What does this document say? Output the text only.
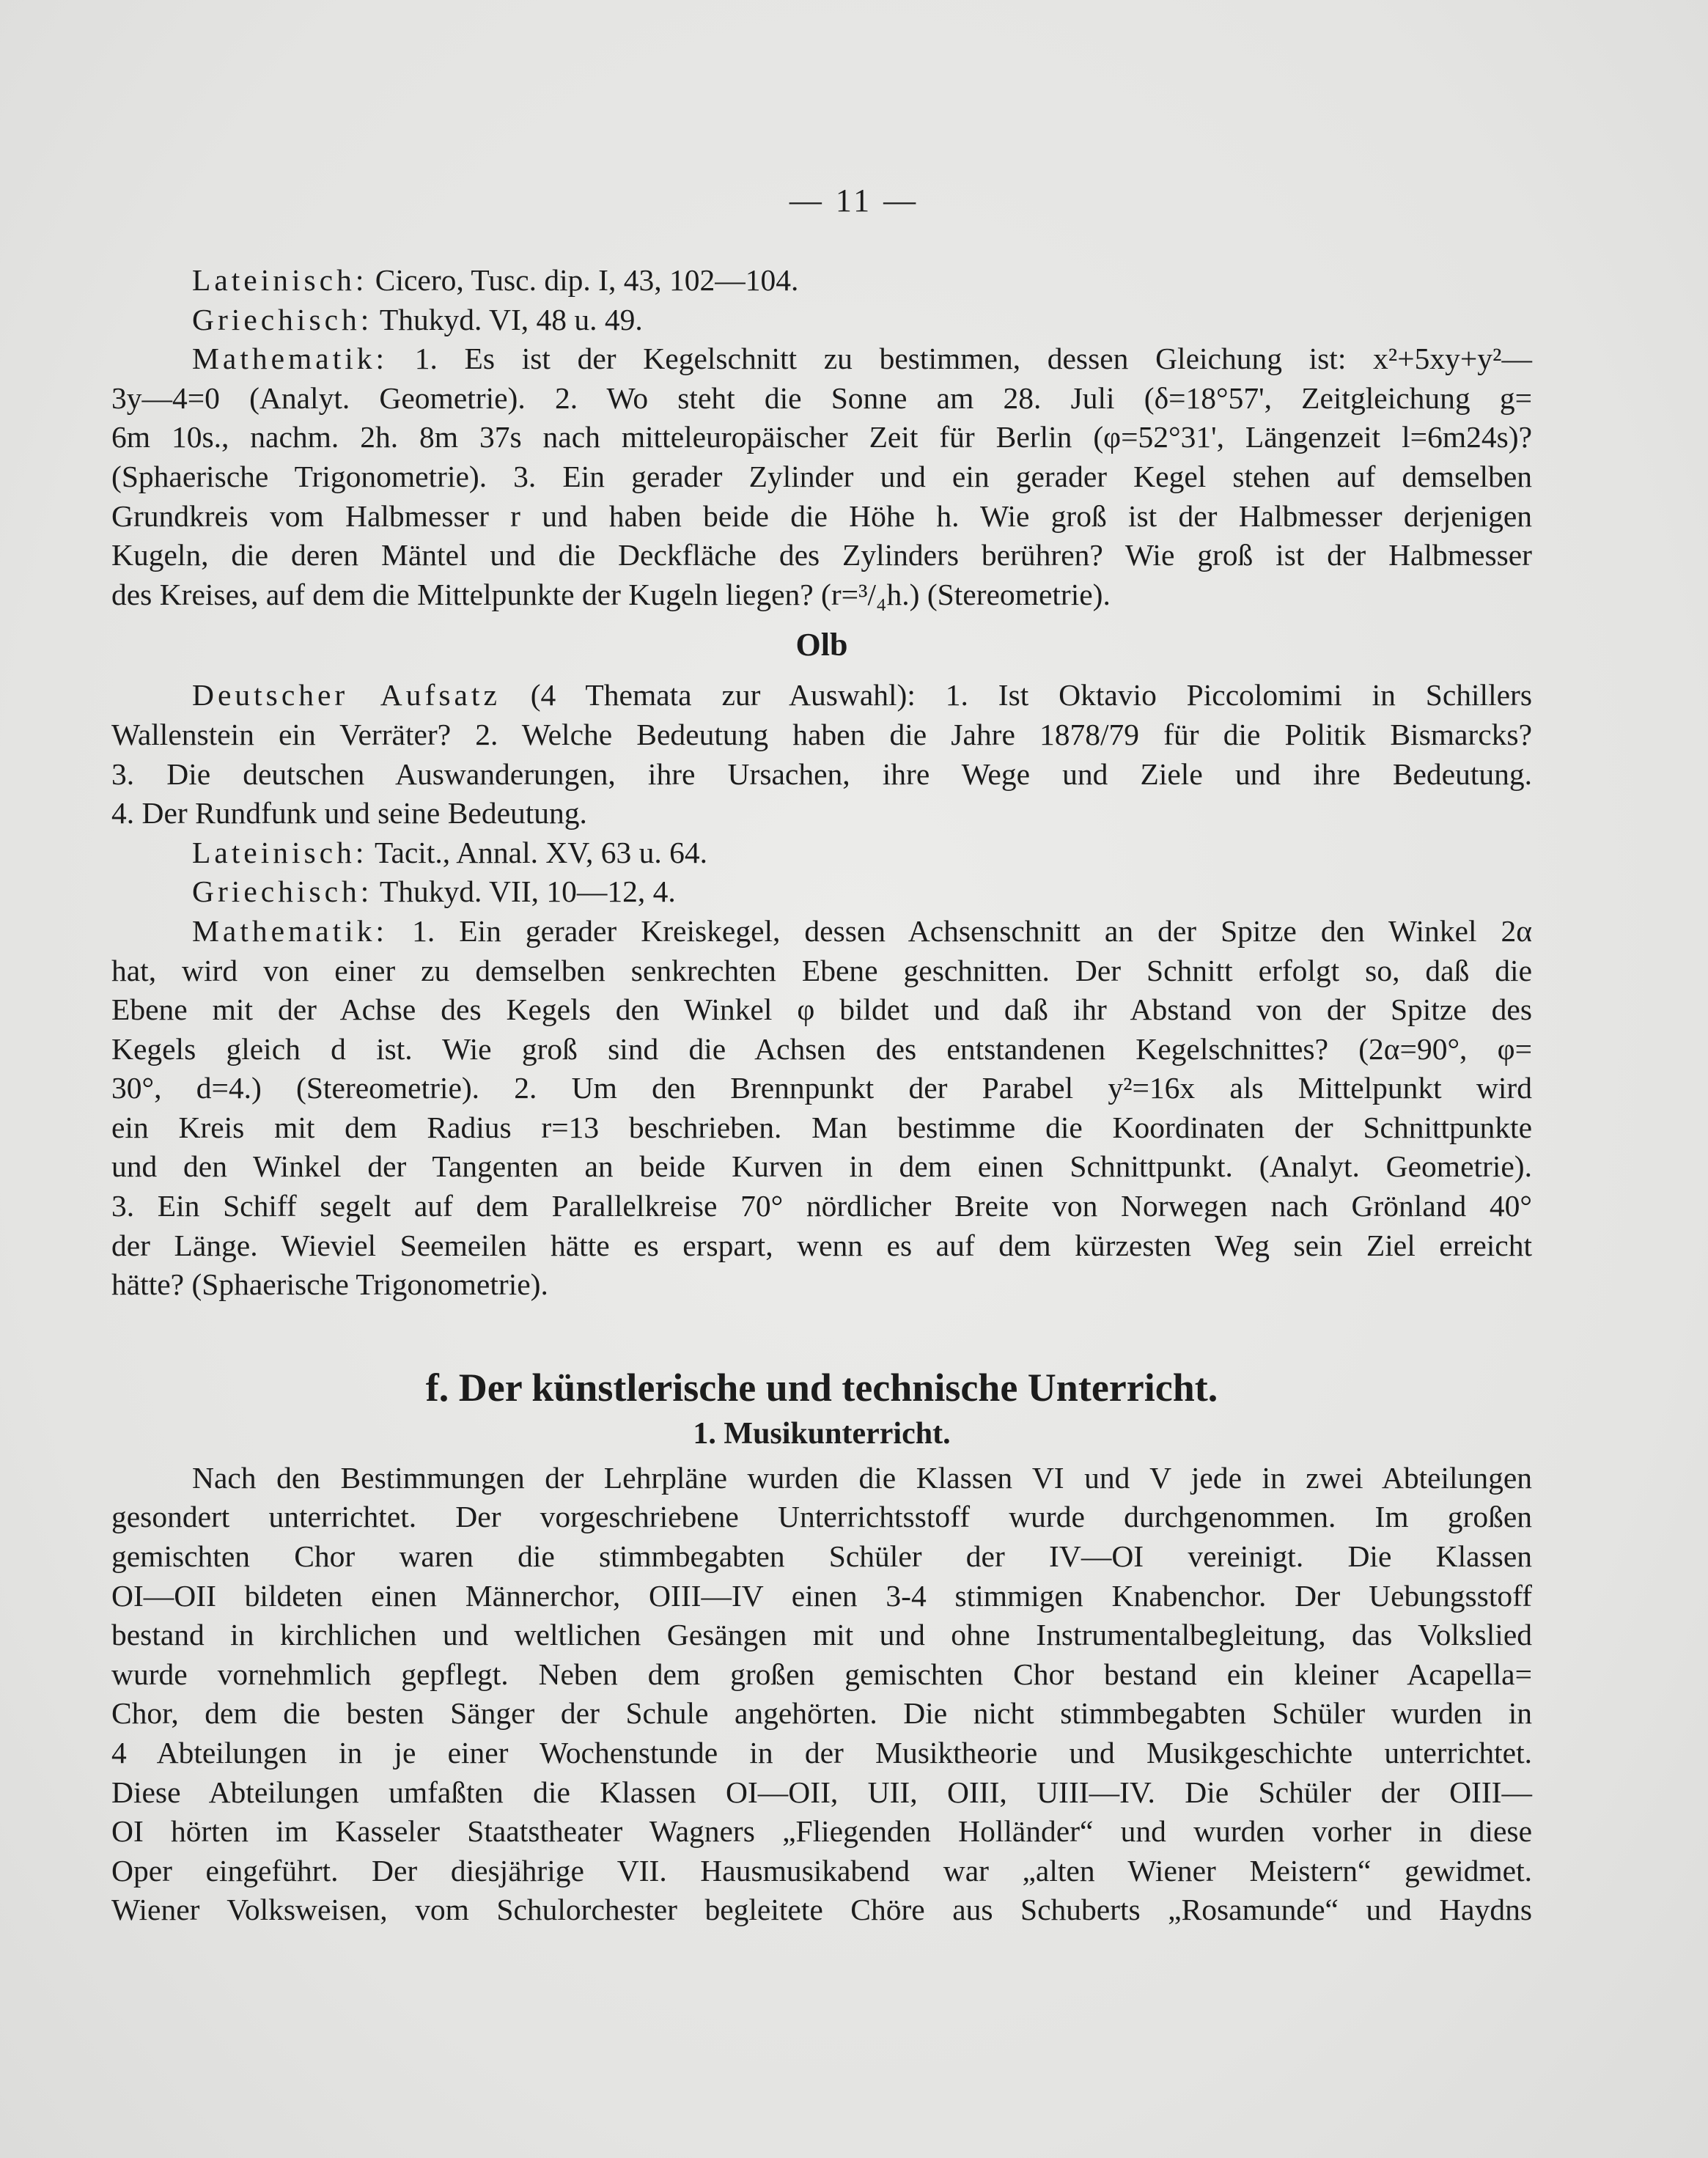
— 11 —

Lateinisch: Cicero, Tusc. dip. I, 43, 102—104.

Griechisch: Thukyd. VI, 48 u. 49.

Mathematik: 1. Es ist der Kegelschnitt zu bestimmen, dessen Gleichung ist: x²+5xy+y²—

3y—4=0 (Analyt. Geometrie). 2. Wo steht die Sonne am 28. Juli (δ=18°57', Zeitgleichung g=

6m 10s., nachm. 2h. 8m 37s nach mitteleuropäischer Zeit für Berlin (φ=52°31', Längenzeit l=6m24s)?

(Sphaerische Trigonometrie). 3. Ein gerader Zylinder und ein gerader Kegel stehen auf demselben

Grundkreis vom Halbmesser r und haben beide die Höhe h. Wie groß ist der Halbmesser derjenigen

Kugeln, die deren Mäntel und die Deckfläche des Zylinders berühren? Wie groß ist der Halbmesser

des Kreises, auf dem die Mittelpunkte der Kugeln liegen? (r=³/₄h.) (Stereometrie).

Olb

Deutscher Aufsatz (4 Themata zur Auswahl): 1. Ist Oktavio Piccolomimi in Schillers

Wallenstein ein Verräter? 2. Welche Bedeutung haben die Jahre 1878/79 für die Politik Bismarcks?

3. Die deutschen Auswanderungen, ihre Ursachen, ihre Wege und Ziele und ihre Bedeutung.

4. Der Rundfunk und seine Bedeutung.

Lateinisch: Tacit., Annal. XV, 63 u. 64.

Griechisch: Thukyd. VII, 10—12, 4.

Mathematik: 1. Ein gerader Kreiskegel, dessen Achsenschnitt an der Spitze den Winkel 2α

hat, wird von einer zu demselben senkrechten Ebene geschnitten. Der Schnitt erfolgt so, daß die

Ebene mit der Achse des Kegels den Winkel φ bildet und daß ihr Abstand von der Spitze des

Kegels gleich d ist. Wie groß sind die Achsen des entstandenen Kegelschnittes? (2α=90°, φ=

30°, d=4.) (Stereometrie). 2. Um den Brennpunkt der Parabel y²=16x als Mittelpunkt wird

ein Kreis mit dem Radius r=13 beschrieben. Man bestimme die Koordinaten der Schnittpunkte

und den Winkel der Tangenten an beide Kurven in dem einen Schnittpunkt. (Analyt. Geometrie).

3. Ein Schiff segelt auf dem Parallelkreise 70° nördlicher Breite von Norwegen nach Grönland 40°

der Länge. Wieviel Seemeilen hätte es erspart, wenn es auf dem kürzesten Weg sein Ziel erreicht

hätte? (Sphaerische Trigonometrie).

f. Der künstlerische und technische Unterricht.
1. Musikunterricht.

Nach den Bestimmungen der Lehrpläne wurden die Klassen VI und V jede in zwei Abteilungen

gesondert unterrichtet. Der vorgeschriebene Unterrichtsstoff wurde durchgenommen. Im großen

gemischten Chor waren die stimmbegabten Schüler der IV—OI vereinigt. Die Klassen

OI—OII bildeten einen Männerchor, OIII—IV einen 3-4 stimmigen Knabenchor. Der Uebungsstoff

bestand in kirchlichen und weltlichen Gesängen mit und ohne Instrumentalbegleitung, das Volkslied

wurde vornehmlich gepflegt. Neben dem großen gemischten Chor bestand ein kleiner Acapella=

Chor, dem die besten Sänger der Schule angehörten. Die nicht stimmbegabten Schüler wurden in

4 Abteilungen in je einer Wochenstunde in der Musiktheorie und Musikgeschichte unterrichtet.

Diese Abteilungen umfaßten die Klassen OI—OII, UII, OIII, UIII—IV. Die Schüler der OIII—

OI hörten im Kasseler Staatstheater Wagners „Fliegenden Holländer“ und wurden vorher in diese

Oper eingeführt. Der diesjährige VII. Hausmusikabend war „alten Wiener Meistern“ gewidmet.

Wiener Volksweisen, vom Schulorchester begleitete Chöre aus Schuberts „Rosamunde“ und Haydns
